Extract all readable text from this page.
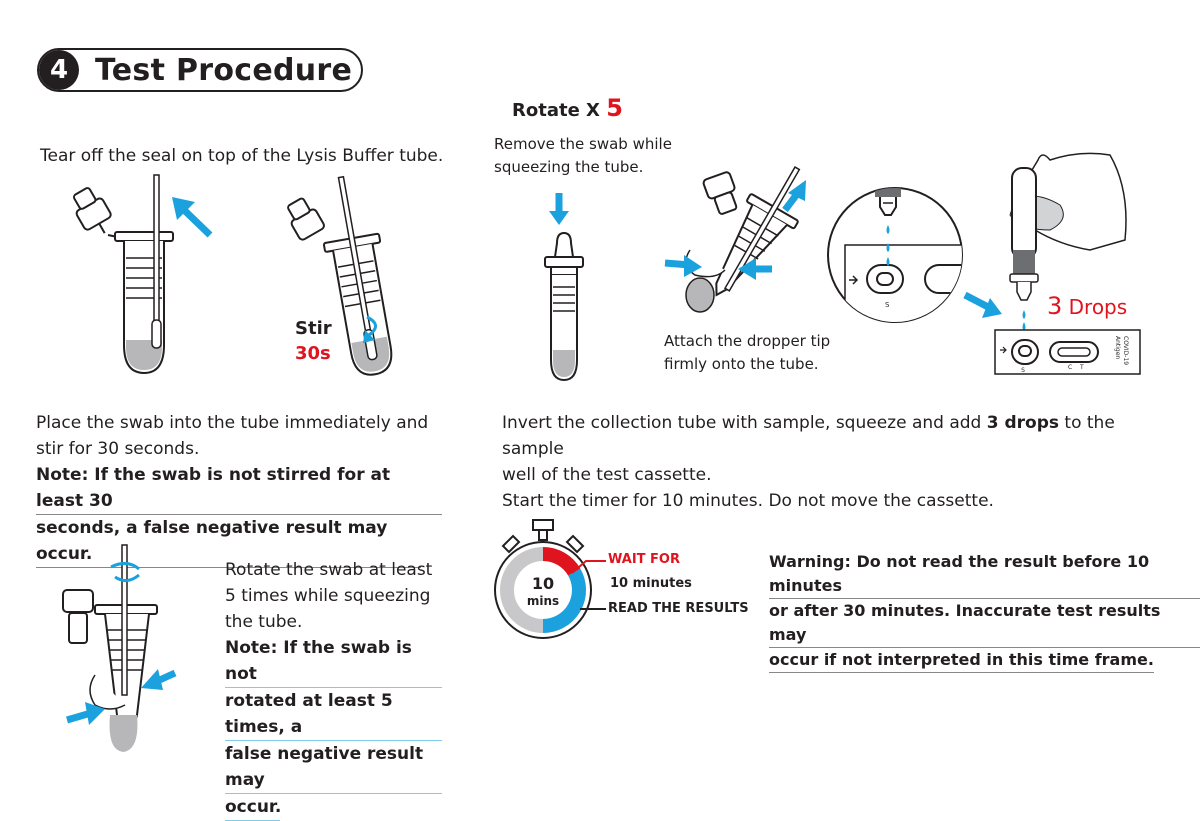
4 Test Procedure
Tear off the seal on top of the Lysis Buffer tube.
Stir
30s
Place the swab into the tube immediately and
stir for 30 seconds.
Note: If the swab is not stirred for at least 30
seconds, a false negative result may occur.
Rotate the swab at least
5 times while squeezing
the tube.
Note: If the swab is not
rotated at least 5 times, a
false negative result may
occur.
Rotate X 5
Remove the swab while
squeezing the tube.
Attach the dropper tip
firmly onto the tube.
S
S	C T
COVID-19
Antigen
3 Drops
Invert the collection tube with sample, squeeze and add 3 drops to the sample
well of the test cassette.
Start the timer for 10 minutes. Do not move the cassette.
10
mins
WAIT FOR
10 minutes
READ THE RESULTS
Warning: Do not read the result before 10 minutes
or after 30 minutes. Inaccurate test results may
occur if not interpreted in this time frame.
